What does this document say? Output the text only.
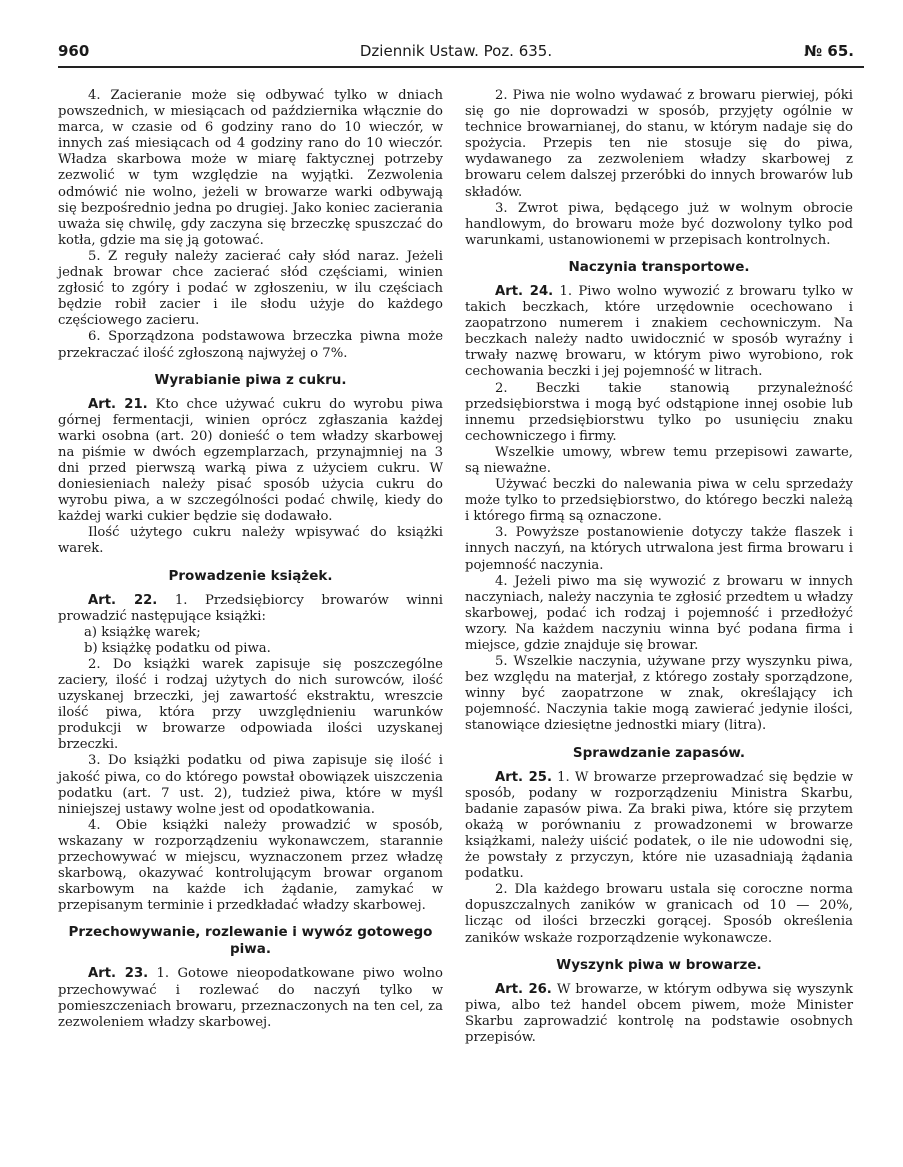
960	Dziennik Ustaw. Poz. 635.	№ 65.

4. Zacieranie może się odbywać tylko w dniach powszednich, w miesiącach od października włącznie do marca, w czasie od 6 godziny rano do 10 wieczór, w innych zaś miesiącach od 4 godziny rano do 10 wieczór. Władza skarbowa może w miarę faktycznej potrzeby zezwolić w tym względzie na wyjątki. Zezwolenia odmówić nie wolno, jeżeli w browarze warki odbywają się bezpośrednio jedna po drugiej. Jako koniec zacierania uważa się chwilę, gdy zaczyna się brzeczkę spuszczać do kotła, gdzie ma się ją gotować.

5. Z reguły należy zacierać cały słód naraz. Jeżeli jednak browar chce zacierać słód częściami, winien zgłosić to zgóry i podać w zgłoszeniu, w ilu częściach będzie robił zacier i ile słodu użyje do każdego częściowego zacieru.

6. Sporządzona podstawowa brzeczka piwna może przekraczać ilość zgłoszoną najwyżej o 7%.

Wyrabianie piwa z cukru.

Art. 21. Kto chce używać cukru do wyrobu piwa górnej fermentacji, winien oprócz zgłaszania każdej warki osobna (art. 20) donieść o tem władzy skarbowej na piśmie w dwóch egzemplarzach, przynajmniej na 3 dni przed pierwszą warką piwa z użyciem cukru. W doniesieniach należy pisać sposób użycia cukru do wyrobu piwa, a w szczególności podać chwilę, kiedy do każdej warki cukier będzie się dodawało.

Ilość użytego cukru należy wpisywać do książki warek.

Prowadzenie książek.

Art. 22. 1. Przedsiębiorcy browarów winni prowadzić następujące książki:

a) książkę warek;

b) książkę podatku od piwa.

2. Do książki warek zapisuje się poszczególne zaciery, ilość i rodzaj użytych do nich surowców, ilość uzyskanej brzeczki, jej zawartość ekstraktu, wreszcie ilość piwa, która przy uwzględnieniu warunków produkcji w browarze odpowiada ilości uzyskanej brzeczki.

3. Do książki podatku od piwa zapisuje się ilość i jakość piwa, co do którego powstał obowiązek uiszczenia podatku (art. 7 ust. 2), tudzież piwa, które w myśl niniejszej ustawy wolne jest od opodatkowania.

4. Obie książki należy prowadzić w sposób, wskazany w rozporządzeniu wykonawczem, starannie przechowywać w miejscu, wyznaczonem przez władzę skarbową, okazywać kontrolującym browar organom skarbowym na każde ich żądanie, zamykać w przepisanym terminie i przedkładać władzy skarbowej.

Przechowywanie, rozlewanie i wywóz gotowego piwa.

Art. 23. 1. Gotowe nieopodatkowane piwo wolno przechowywać i rozlewać do naczyń tylko w pomieszczeniach browaru, przeznaczonych na ten cel, za zezwoleniem władzy skarbowej.

2. Piwa nie wolno wydawać z browaru pierwiej, póki się go nie doprowadzi w sposób, przyjęty ogólnie w technice browarnianej, do stanu, w którym nadaje się do spożycia. Przepis ten nie stosuje się do piwa, wydawanego za zezwoleniem władzy skarbowej z browaru celem dalszej przeróbki do innych browarów lub składów.

3. Zwrot piwa, będącego już w wolnym obrocie handlowym, do browaru może być dozwolony tylko pod warunkami, ustanowionemi w przepisach kontrolnych.

Naczynia transportowe.

Art. 24. 1. Piwo wolno wywozić z browaru tylko w takich beczkach, które urzędownie ocechowano i zaopatrzono numerem i znakiem cechowniczym. Na beczkach należy nadto uwidocznić w sposób wyraźny i trwały nazwę browaru, w którym piwo wyrobiono, rok cechowania beczki i jej pojemność w litrach.

2. Beczki takie stanowią przynależność przedsiębiorstwa i mogą być odstąpione innej osobie lub innemu przedsiębiorstwu tylko po usunięciu znaku cechowniczego i firmy.

Wszelkie umowy, wbrew temu przepisowi zawarte, są nieważne.

Używać beczki do nalewania piwa w celu sprzedaży może tylko to przedsiębiorstwo, do którego beczki należą i którego firmą są oznaczone.

3. Powyższe postanowienie dotyczy także flaszek i innych naczyń, na których utrwalona jest firma browaru i pojemność naczynia.

4. Jeżeli piwo ma się wywozić z browaru w innych naczyniach, należy naczynia te zgłosić przedtem u władzy skarbowej, podać ich rodzaj i pojemność i przedłożyć wzory. Na każdem naczyniu winna być podana firma i miejsce, gdzie znajduje się browar.

5. Wszelkie naczynia, używane przy wyszynku piwa, bez względu na materjał, z którego zostały sporządzone, winny być zaopatrzone w znak, określający ich pojemność. Naczynia takie mogą zawierać jedynie ilości, stanowiące dziesiętne jednostki miary (litra).

Sprawdzanie zapasów.

Art. 25. 1. W browarze przeprowadzać się będzie w sposób, podany w rozporządzeniu Ministra Skarbu, badanie zapasów piwa. Za braki piwa, które się przytem okażą w porównaniu z prowadzonemi w browarze książkami, należy uiścić podatek, o ile nie udowodni się, że powstały z przyczyn, które nie uzasadniają żądania podatku.

2. Dla każdego browaru ustala się coroczne norma dopuszczalnych zaników w granicach od 10 — 20%, licząc od ilości brzeczki gorącej. Sposób określenia zaników wskaże rozporządzenie wykonawcze.

Wyszynk piwa w browarze.

Art. 26. W browarze, w którym odbywa się wyszynk piwa, albo też handel obcem piwem, może Minister Skarbu zaprowadzić kontrolę na podstawie osobnych przepisów.
